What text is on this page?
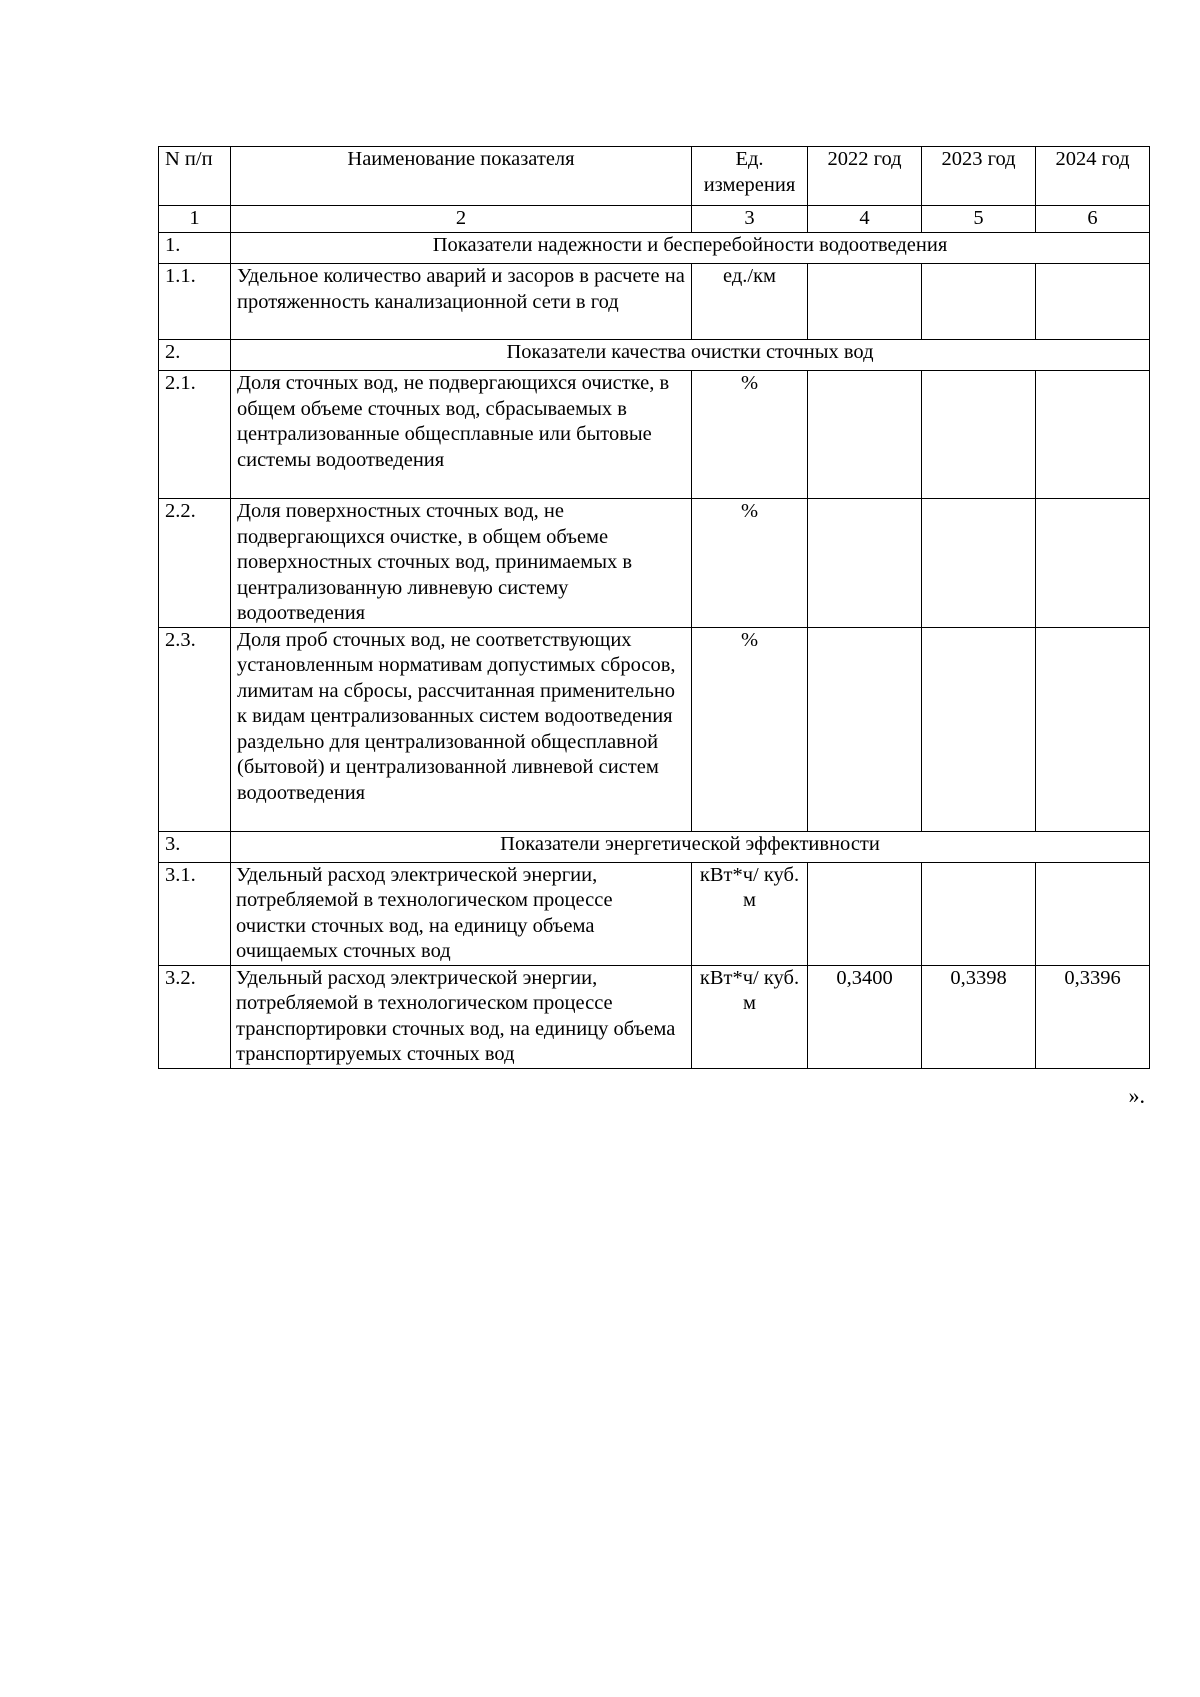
N п/п	Наименование показателя	Ед. измерения	2022 год	2023 год	2024 год
1	2	3	4	5	6
1.	Показатели надежности и бесперебойности водоотведения				
1.1.	Удельное количество аварий и засоров в расчете на протяженность канализационной сети в год	ед./км			
2.	Показатели качества очистки сточных вод				
2.1.	Доля сточных вод, не подвергающихся очистке, в общем объеме сточных вод, сбрасываемых в централизованные общесплавные или бытовые системы водоотведения	%			
2.2.	Доля поверхностных сточных вод, не подвергающихся очистке, в общем объеме поверхностных сточных вод, принимаемых в централизованную ливневую систему водоотведения	%			
2.3.	Доля проб сточных вод, не соответствующих установленным нормативам допустимых сбросов, лимитам на сбросы, рассчитанная применительно к видам централизованных систем водоотведения раздельно для централизованной общесплавной (бытовой) и централизованной ливневой систем водоотведения	%			
3.	Показатели энергетической эффективности				
3.1.	Удельный расход электрической энергии, потребляемой в технологическом процессе очистки сточных вод, на единицу объема очищаемых сточных вод	кВт*ч/ куб. м			
3.2.	Удельный расход электрической энергии, потребляемой в технологическом процессе транспортировки сточных вод, на единицу объема транспортируемых сточных вод	кВт*ч/ куб. м	0,3400	0,3398	0,3396
».
